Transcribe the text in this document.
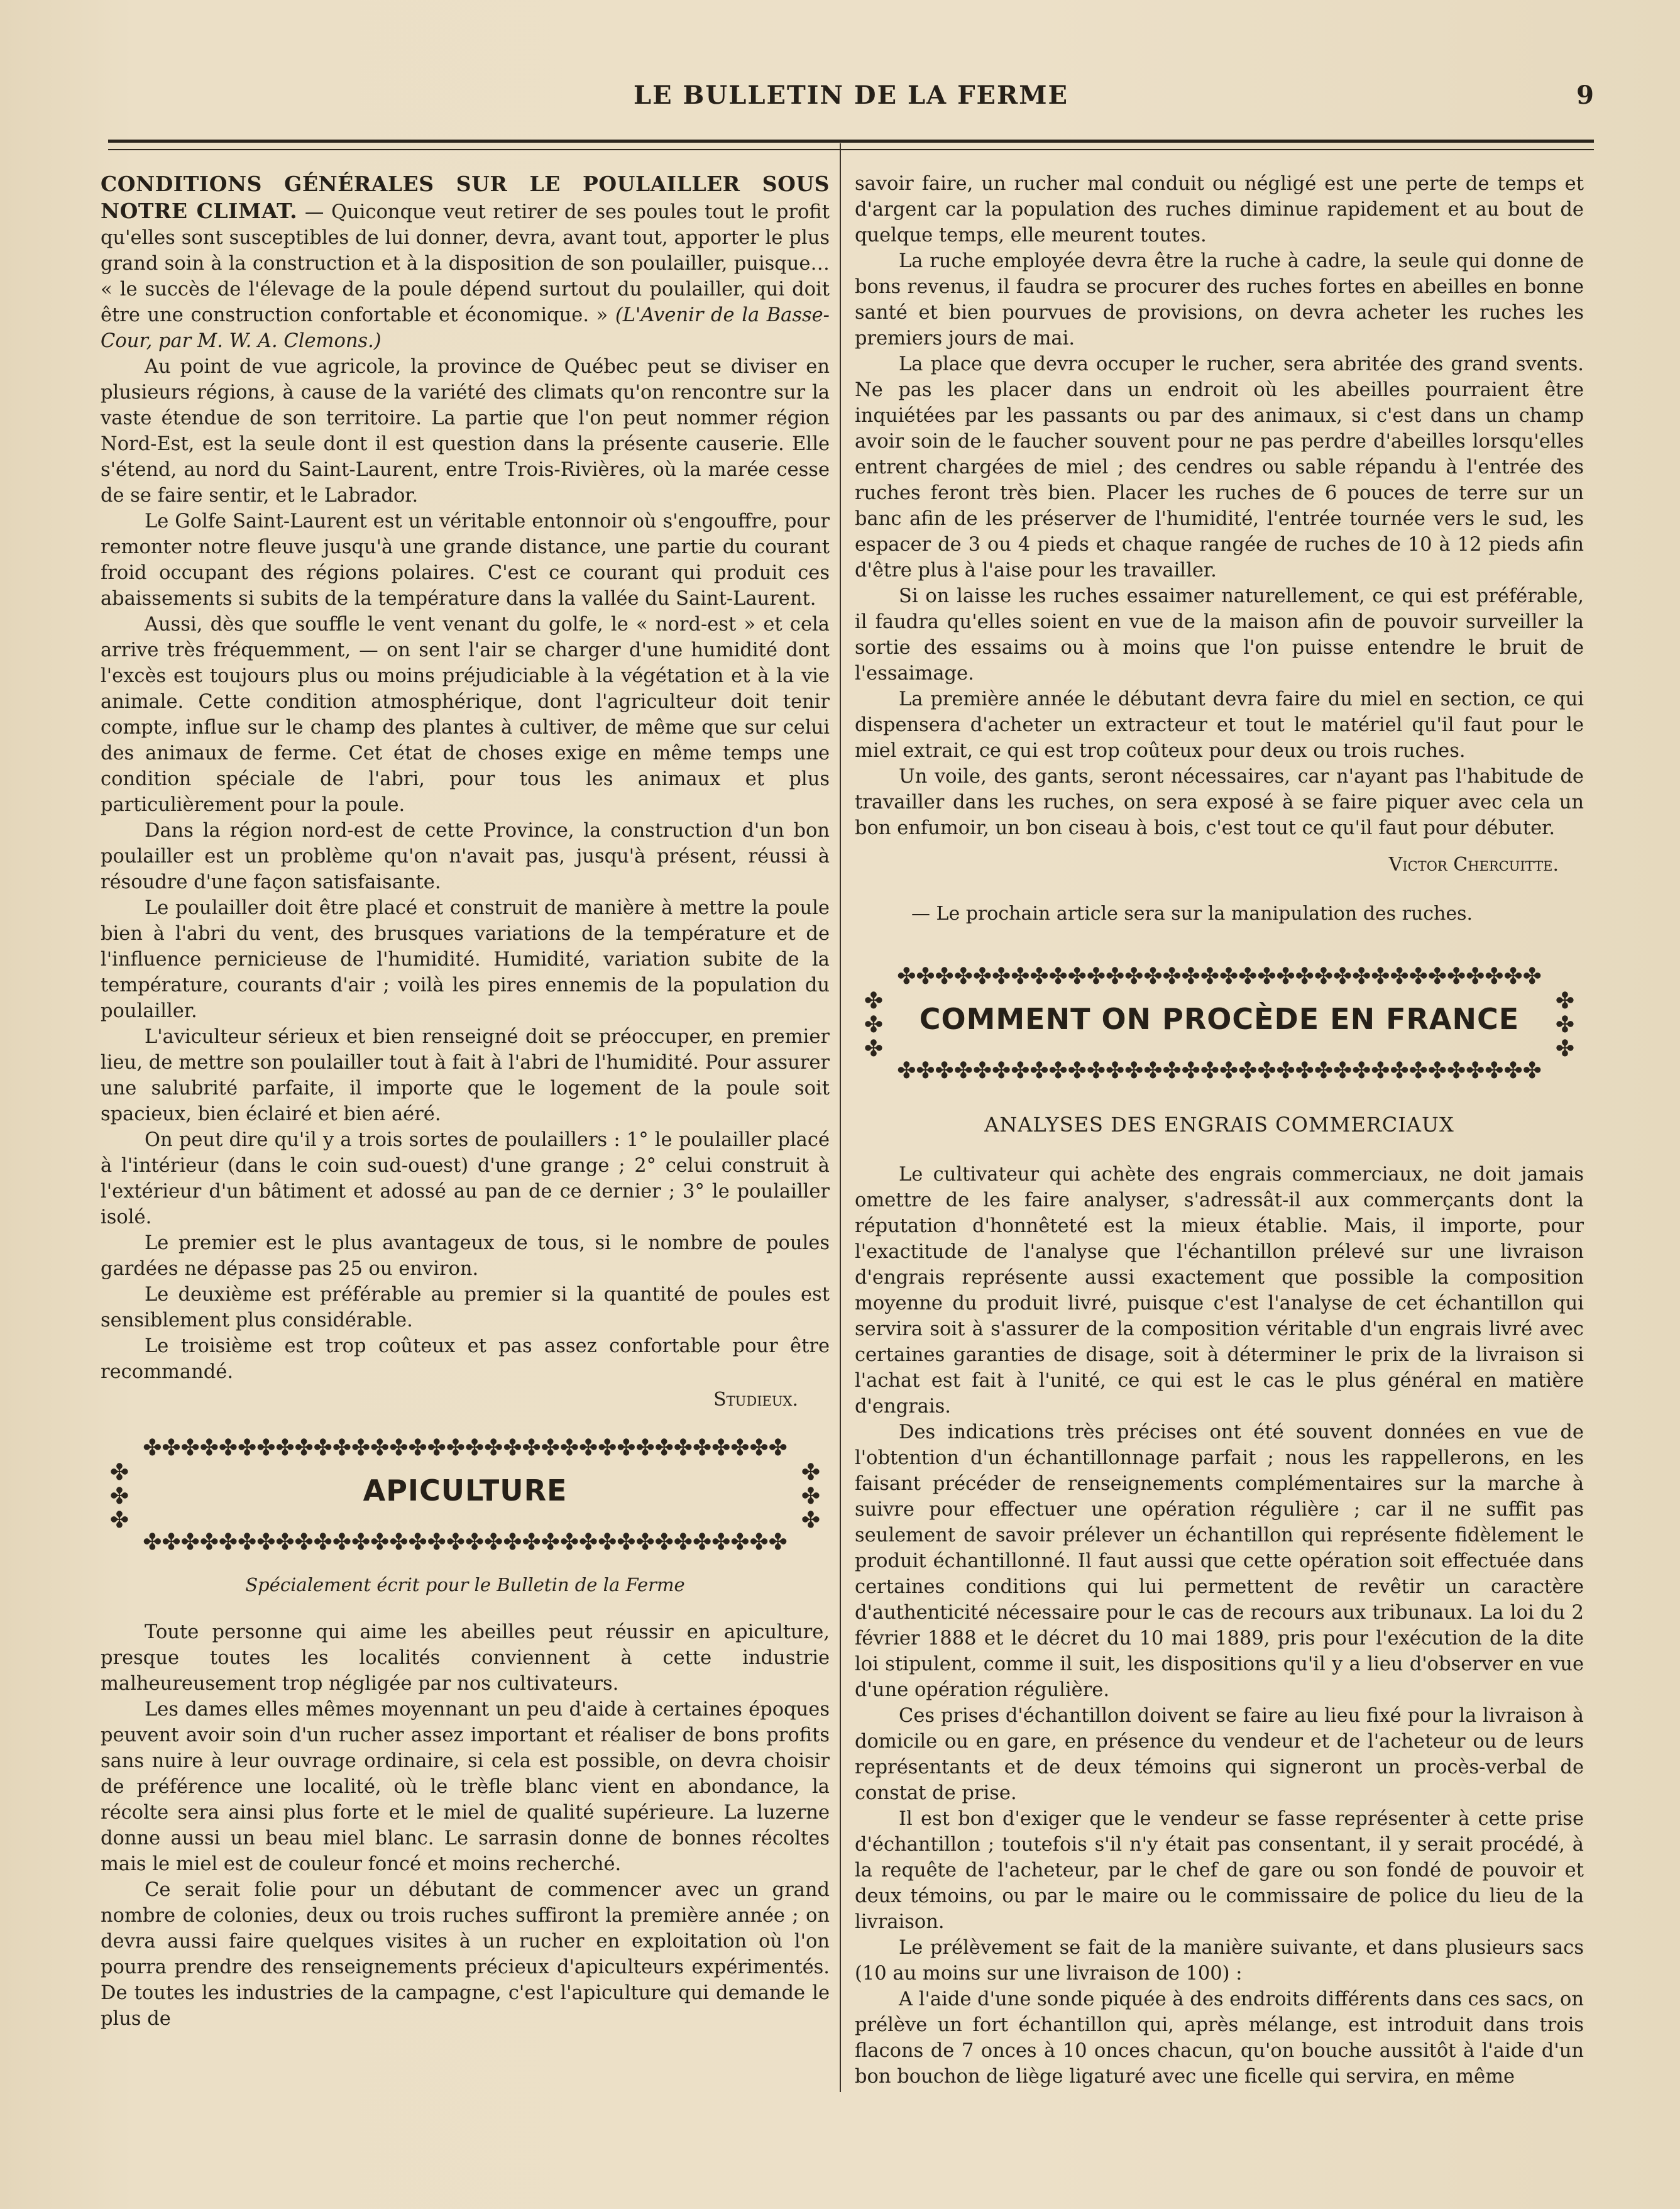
LE BULLETIN DE LA FERME	9

CONDITIONS GÉNÉRALES SUR LE POULAILLER SOUS NOTRE CLIMAT. — Quiconque veut retirer de ses poules tout le profit qu'elles sont susceptibles de lui donner, devra, avant tout, apporter le plus grand soin à la construction et à la disposition de son poulailler, puisque… « le succès de l'élevage de la poule dépend surtout du poulailler, qui doit être une construction confortable et économique. » (L'Avenir de la Basse-Cour, par M. W. A. Clemons.)

Au point de vue agricole, la province de Québec peut se diviser en plusieurs régions, à cause de la variété des climats qu'on rencontre sur la vaste étendue de son territoire. La partie que l'on peut nommer région Nord-Est, est la seule dont il est question dans la présente causerie. Elle s'étend, au nord du Saint-Laurent, entre Trois-Rivières, où la marée cesse de se faire sentir, et le Labrador.

Le Golfe Saint-Laurent est un véritable entonnoir où s'engouffre, pour remonter notre fleuve jusqu'à une grande distance, une partie du courant froid occupant des régions polaires. C'est ce courant qui produit ces abaissements si subits de la température dans la vallée du Saint-Laurent.

Aussi, dès que souffle le vent venant du golfe, le « nord-est » et cela arrive très fréquemment, — on sent l'air se charger d'une humidité dont l'excès est toujours plus ou moins préjudiciable à la végétation et à la vie animale. Cette condition atmosphérique, dont l'agriculteur doit tenir compte, influe sur le champ des plantes à cultiver, de même que sur celui des animaux de ferme. Cet état de choses exige en même temps une condition spéciale de l'abri, pour tous les animaux et plus particulièrement pour la poule.

Dans la région nord-est de cette Province, la construction d'un bon poulailler est un problème qu'on n'avait pas, jusqu'à présent, réussi à résoudre d'une façon satisfaisante.

Le poulailler doit être placé et construit de manière à mettre la poule bien à l'abri du vent, des brusques variations de la température et de l'influence pernicieuse de l'humidité. Humidité, variation subite de la température, courants d'air ; voilà les pires ennemis de la population du poulailler.

L'aviculteur sérieux et bien renseigné doit se préoccuper, en premier lieu, de mettre son poulailler tout à fait à l'abri de l'humidité. Pour assurer une salubrité parfaite, il importe que le logement de la poule soit spacieux, bien éclairé et bien aéré.

On peut dire qu'il y a trois sortes de poulaillers : 1° le poulailler placé à l'intérieur (dans le coin sud-ouest) d'une grange ; 2° celui construit à l'extérieur d'un bâtiment et adossé au pan de ce dernier ; 3° le poulailler isolé.

Le premier est le plus avantageux de tous, si le nombre de poules gardées ne dépasse pas 25 ou environ.

Le deuxième est préférable au premier si la quantité de poules est sensiblement plus considérable.

Le troisième est trop coûteux et pas assez confortable pour être recommandé.

Studieux.
✤✤✤✤✤✤✤✤✤✤✤✤✤✤✤✤✤✤✤✤✤✤✤✤✤✤✤✤✤✤✤✤✤✤
✤
✤
✤
✤
✤
✤
APICULTURE
✤✤✤✤✤✤✤✤✤✤✤✤✤✤✤✤✤✤✤✤✤✤✤✤✤✤✤✤✤✤✤✤✤✤
Spécialement écrit pour le Bulletin de la Ferme

Toute personne qui aime les abeilles peut réussir en apiculture, presque toutes les localités conviennent à cette industrie malheureusement trop négligée par nos cultivateurs.

Les dames elles mêmes moyennant un peu d'aide à certaines époques peuvent avoir soin d'un rucher assez important et réaliser de bons profits sans nuire à leur ouvrage ordinaire, si cela est possible, on devra choisir de préférence une localité, où le trèfle blanc vient en abondance, la récolte sera ainsi plus forte et le miel de qualité supérieure. La luzerne donne aussi un beau miel blanc. Le sarrasin donne de bonnes récoltes mais le miel est de couleur foncé et moins recherché.

Ce serait folie pour un débutant de commencer avec un grand nombre de colonies, deux ou trois ruches suffiront la première année ; on devra aussi faire quelques visites à un rucher en exploitation où l'on pourra prendre des renseignements précieux d'apiculteurs expérimentés. De toutes les industries de la campagne, c'est l'apiculture qui demande le plus de

savoir faire, un rucher mal conduit ou négligé est une perte de temps et d'argent car la population des ruches diminue rapidement et au bout de quelque temps, elle meurent toutes.

La ruche employée devra être la ruche à cadre, la seule qui donne de bons revenus, il faudra se procurer des ruches fortes en abeilles en bonne santé et bien pourvues de provisions, on devra acheter les ruches les premiers jours de mai.

La place que devra occuper le rucher, sera abritée des grand svents. Ne pas les placer dans un endroit où les abeilles pourraient être inquiétées par les passants ou par des animaux, si c'est dans un champ avoir soin de le faucher souvent pour ne pas perdre d'abeilles lorsqu'elles entrent chargées de miel ; des cendres ou sable répandu à l'entrée des ruches feront très bien. Placer les ruches de 6 pouces de terre sur un banc afin de les préserver de l'humidité, l'entrée tournée vers le sud, les espacer de 3 ou 4 pieds et chaque rangée de ruches de 10 à 12 pieds afin d'être plus à l'aise pour les travailler.

Si on laisse les ruches essaimer naturellement, ce qui est préférable, il faudra qu'elles soient en vue de la maison afin de pouvoir surveiller la sortie des essaims ou à moins que l'on puisse entendre le bruit de l'essaimage.

La première année le débutant devra faire du miel en section, ce qui dispensera d'acheter un extracteur et tout le matériel qu'il faut pour le miel extrait, ce qui est trop coûteux pour deux ou trois ruches.

Un voile, des gants, seront nécessaires, car n'ayant pas l'habitude de travailler dans les ruches, on sera exposé à se faire piquer avec cela un bon enfumoir, un bon ciseau à bois, c'est tout ce qu'il faut pour débuter.

Victor Chercuitte.

— Le prochain article sera sur la manipulation des ruches.

✤✤✤✤✤✤✤✤✤✤✤✤✤✤✤✤✤✤✤✤✤✤✤✤✤✤✤✤✤✤✤✤✤✤
✤
✤
✤
✤
✤
✤
COMMENT ON PROCÈDE EN FRANCE
✤✤✤✤✤✤✤✤✤✤✤✤✤✤✤✤✤✤✤✤✤✤✤✤✤✤✤✤✤✤✤✤✤✤
ANALYSES DES ENGRAIS COMMERCIAUX

Le cultivateur qui achète des engrais commerciaux, ne doit jamais omettre de les faire analyser, s'adressât-il aux commerçants dont la réputation d'honnêteté est la mieux établie. Mais, il importe, pour l'exactitude de l'analyse que l'échantillon prélevé sur une livraison d'engrais représente aussi exactement que possible la composition moyenne du produit livré, puisque c'est l'analyse de cet échantillon qui servira soit à s'assurer de la composition véritable d'un engrais livré avec certaines garanties de disage, soit à déterminer le prix de la livraison si l'achat est fait à l'unité, ce qui est le cas le plus général en matière d'engrais.

Des indications très précises ont été souvent données en vue de l'obtention d'un échantillonnage parfait ; nous les rappellerons, en les faisant précéder de renseignements complémentaires sur la marche à suivre pour effectuer une opération régulière ; car il ne suffit pas seulement de savoir prélever un échantillon qui représente fidèlement le produit échantillonné. Il faut aussi que cette opération soit effectuée dans certaines conditions qui lui permettent de revêtir un caractère d'authenticité nécessaire pour le cas de recours aux tribunaux. La loi du 2 février 1888 et le décret du 10 mai 1889, pris pour l'exécution de la dite loi stipulent, comme il suit, les dispositions qu'il y a lieu d'observer en vue d'une opération régulière.

Ces prises d'échantillon doivent se faire au lieu fixé pour la livraison à domicile ou en gare, en présence du vendeur et de l'acheteur ou de leurs représentants et de deux témoins qui signeront un procès-verbal de constat de prise.

Il est bon d'exiger que le vendeur se fasse représenter à cette prise d'échantillon ; toutefois s'il n'y était pas consentant, il y serait procédé, à la requête de l'acheteur, par le chef de gare ou son fondé de pouvoir et deux témoins, ou par le maire ou le commissaire de police du lieu de la livraison.

Le prélèvement se fait de la manière suivante, et dans plusieurs sacs (10 au moins sur une livraison de 100) :

A l'aide d'une sonde piquée à des endroits différents dans ces sacs, on prélève un fort échantillon qui, après mélange, est introduit dans trois flacons de 7 onces à 10 onces chacun, qu'on bouche aussitôt à l'aide d'un bon bouchon de liège ligaturé avec une ficelle qui servira, en même
